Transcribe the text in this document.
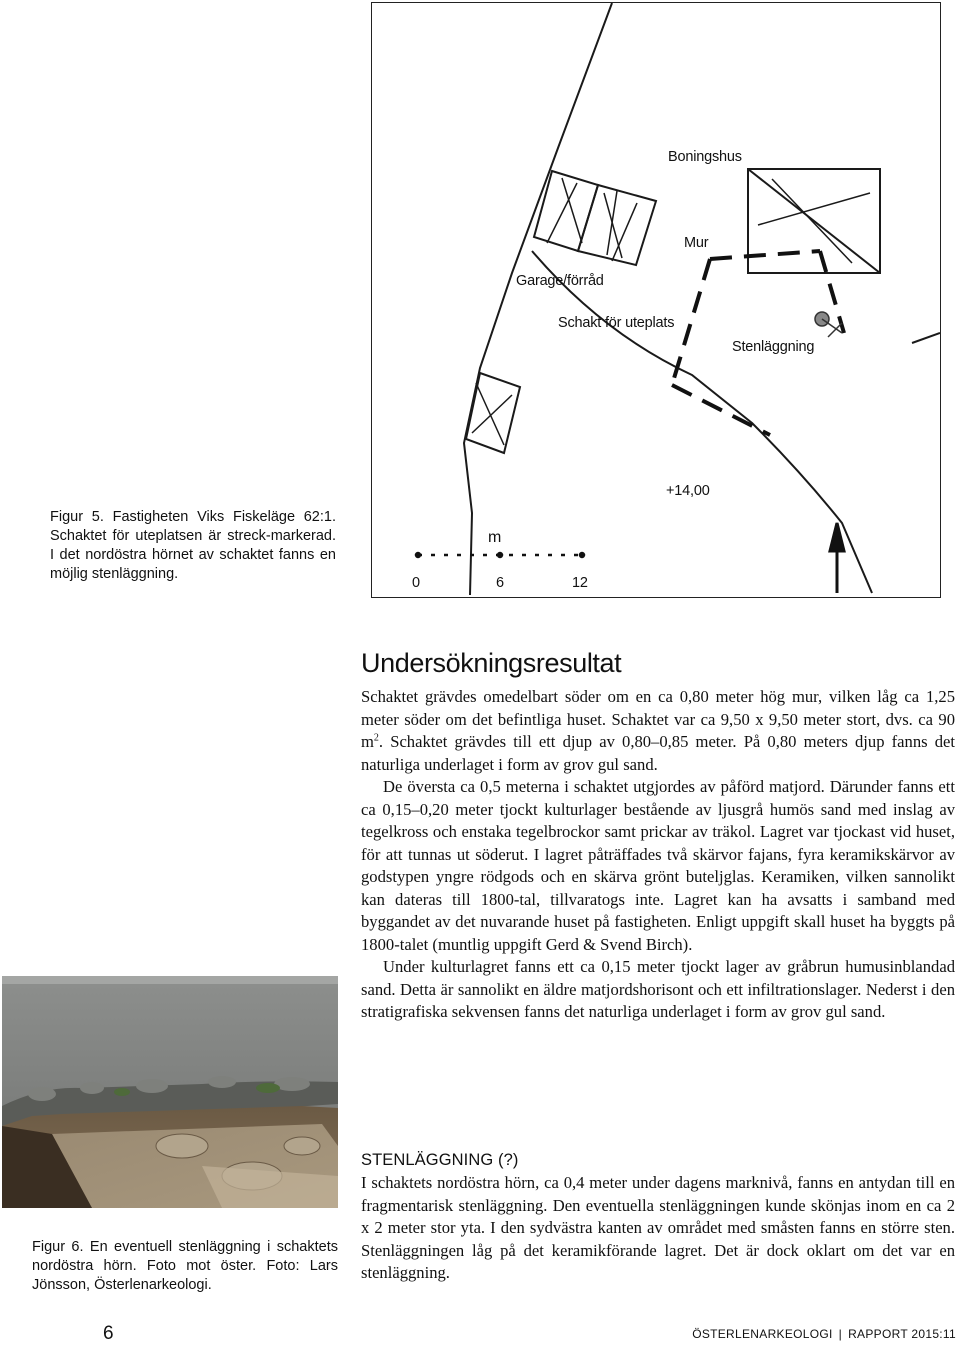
Figur 5. Fastigheten Viks Fiskeläge 62:1. Schaktet för uteplatsen är streck-markerad. I det nordöstra hörnet av schaktet fanns en möjlig stenläggning.
Boningshus
Mur
Garage/förråd
Schakt för uteplats
Stenläggning
+14,00
m
0	6	12
Undersökningsresultat

Schaktet grävdes omedelbart söder om en ca 0,80 meter hög mur, vilken låg ca 1,25 meter söder om det befintliga huset. Schaktet var ca 9,50 x 9,50 meter stort, dvs. ca 90 $m^2$. Schaktet grävdes till ett djup av 0,80–0,85 meter. På 0,80 meters djup fanns det naturliga underlaget i form av grov gul sand.

De översta ca 0,5 meterna i schaktet utgjordes av påförd matjord. Därunder fanns ett ca 0,15–0,20 meter tjockt kulturlager bestående av ljusgrå humös sand med inslag av tegelkross och enstaka tegelbrockor samt prickar av träkol. Lagret var tjockast vid huset, för att tunnas ut söderut. I lagret påträffades två skärvor fajans, fyra keramikskärvor av godstypen yngre rödgods och en skärva grönt buteljglas. Keramiken, vilken sannolikt kan dateras till 1800-tal, tillvaratogs inte. Lagret kan ha avsatts i samband med byggandet av det nuvarande huset på fastigheten. Enligt uppgift skall huset ha byggts på 1800-talet (muntlig uppgift Gerd & Svend Birch).

Under kulturlagret fanns ett ca 0,15 meter tjockt lager av gråbrun humusinblandad sand. Detta är sannolikt en äldre matjordshorisont och ett infiltrationslager. Nederst i den stratigrafiska sekvensen fanns det naturliga underlaget i form av grov gul sand.

STENLÄGGNING (?)

I schaktets nordöstra hörn, ca 0,4 meter under dagens marknivå, fanns en antydan till en fragmentarisk stenläggning. Den eventuella stenläggningen kunde skönjas inom en ca 2 x 2 meter stor yta. I den sydvästra kanten av området med småsten fanns en större sten. Stenläggningen låg på det keramikförande lagret. Det är dock oklart om det var en stenläggning.

Figur 6. En eventuell stenläggning i schaktets nordöstra hörn. Foto mot öster. Foto: Lars Jönsson, Österlenarkeologi.
6	ÖSTERLENARKEOLOGI | RAPPORT 2015:11
